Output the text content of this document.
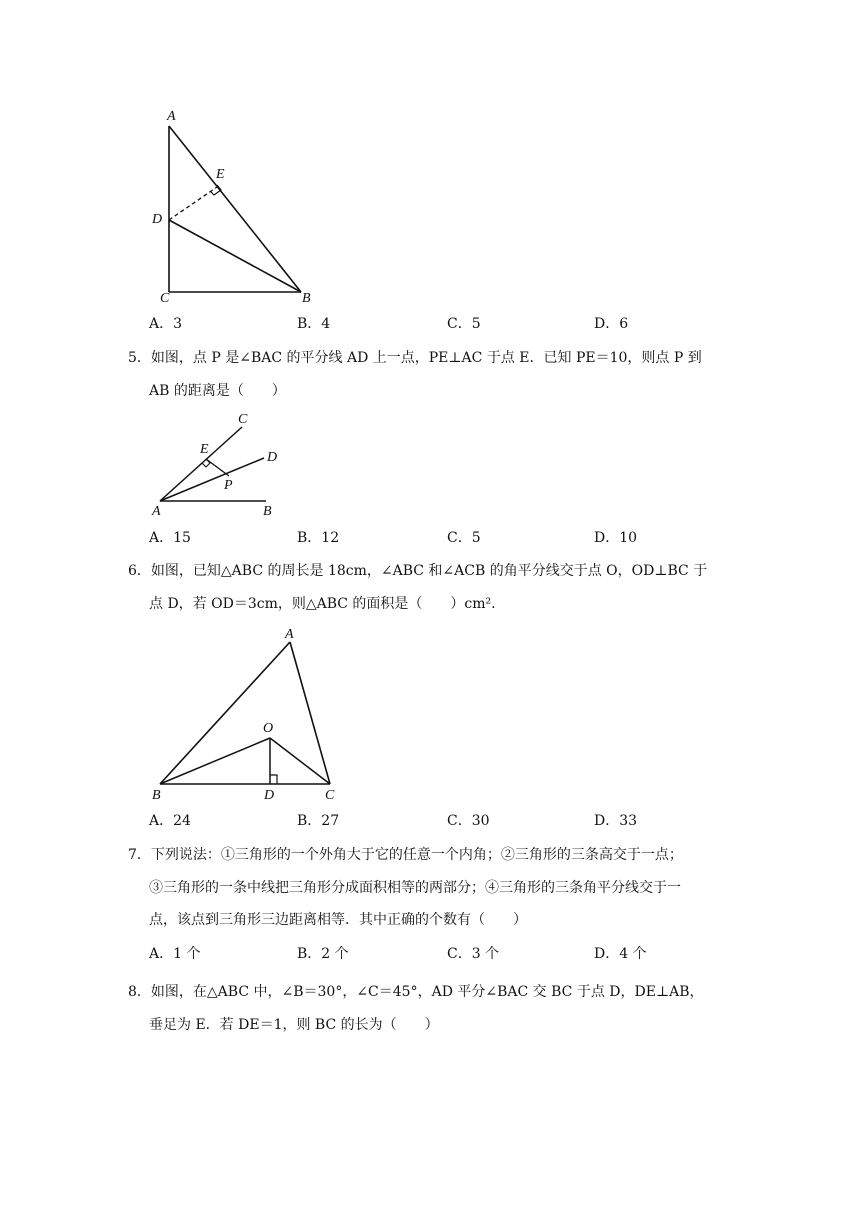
A
E
D
C	B
A．3	B．4	C．5	D．6
5．如图，点 P 是∠BAC 的平分线 AD 上一点，PE⊥AC 于点 E．已知 PE＝10，则点 P 到
AB 的距离是（　　）
C
E
D
P
A	B
A．15	B．12	C．5	D．10
6．如图，已知△ABC 的周长是 18cm，∠ABC 和∠ACB 的角平分线交于点 O，OD⊥BC 于
点 D，若 OD＝3cm，则△ABC 的面积是（　　）cm².
A
O
B	D	C
A．24	B．27	C．30	D．33
7．下列说法：①三角形的一个外角大于它的任意一个内角；②三角形的三条高交于一点；
③三角形的一条中线把三角形分成面积相等的两部分；④三角形的三条角平分线交于一
点，该点到三角形三边距离相等．其中正确的个数有（　　）
A．1 个	B．2 个	C．3 个	D．4 个
8．如图，在△ABC 中，∠B＝30°，∠C＝45°，AD 平分∠BAC 交 BC 于点 D，DE⊥AB，
垂足为 E．若 DE＝1，则 BC 的长为（　　）
